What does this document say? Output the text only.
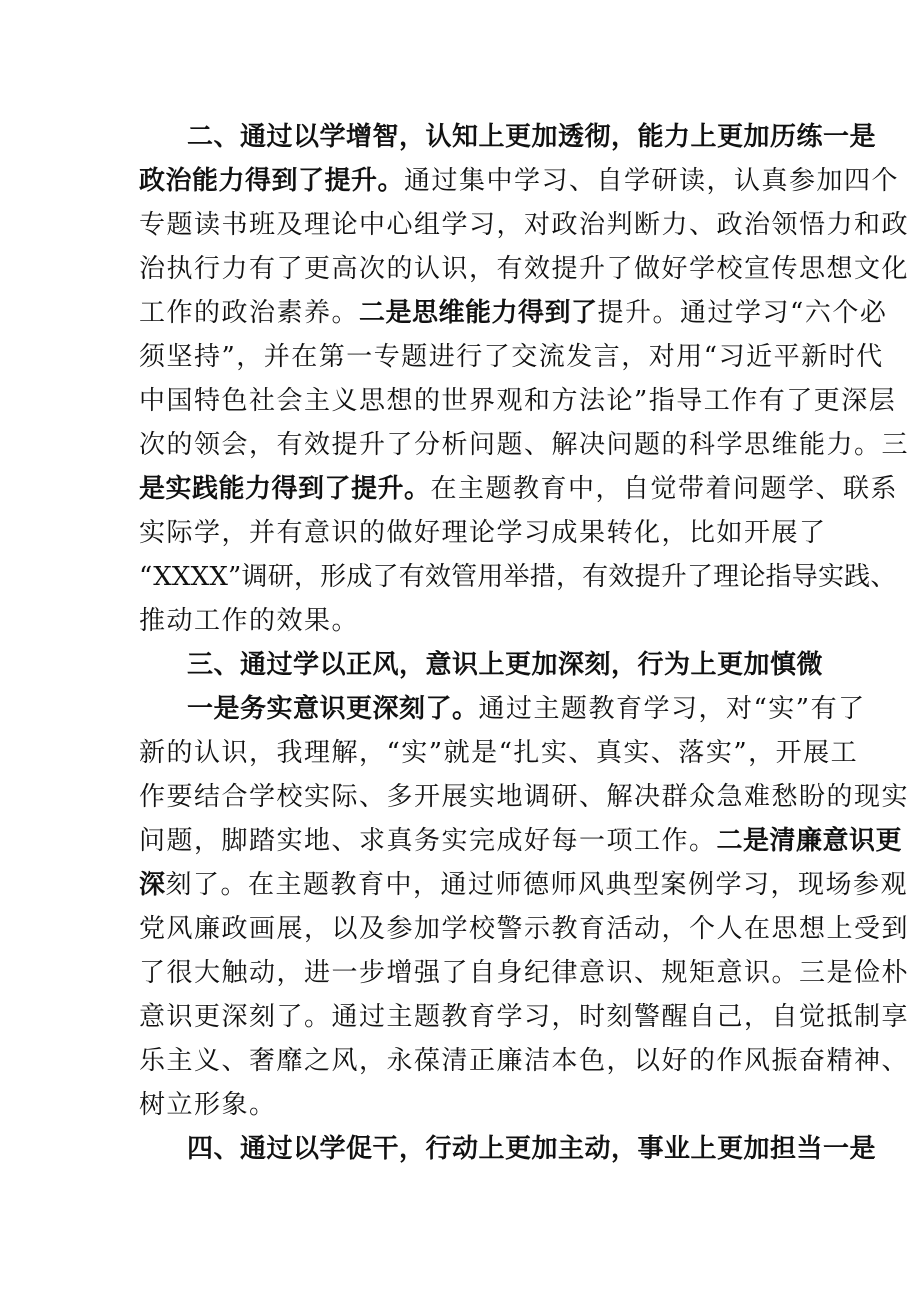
二、通过以学增智，认知上更加透彻，能力上更加历练一是
政治能力得到了提升。通过集中学习、自学研读，认真参加四个
专题读书班及理论中心组学习，对政治判断力、政治领悟力和政
治执行力有了更高次的认识，有效提升了做好学校宣传思想文化
工作的政治素养。二是思维能力得到了提升。通过学习“六个必
须坚持”，并在第一专题进行了交流发言，对用“习近平新时代
中国特色社会主义思想的世界观和方法论”指导工作有了更深层
次的领会，有效提升了分析问题、解决问题的科学思维能力。三
是实践能力得到了提升。在主题教育中，自觉带着问题学、联系
实际学，并有意识的做好理论学习成果转化，比如开展了
“XXXX”调研，形成了有效管用举措，有效提升了理论指导实践、
推动工作的效果。
三、通过学以正风，意识上更加深刻，行为上更加慎微
一是务实意识更深刻了。通过主题教育学习，对“实”有了
新的认识，我理解，“实”就是“扎实、真实、落实”，开展工
作要结合学校实际、多开展实地调研、解决群众急难愁盼的现实
问题，脚踏实地、求真务实完成好每一项工作。二是清廉意识更
深刻了。在主题教育中，通过师德师风典型案例学习，现场参观
党风廉政画展，以及参加学校警示教育活动，个人在思想上受到
了很大触动，进一步增强了自身纪律意识、规矩意识。三是俭朴
意识更深刻了。通过主题教育学习，时刻警醒自己，自觉抵制享
乐主义、奢靡之风，永葆清正廉洁本色，以好的作风振奋精神、
树立形象。
四、通过以学促干，行动上更加主动，事业上更加担当一是
